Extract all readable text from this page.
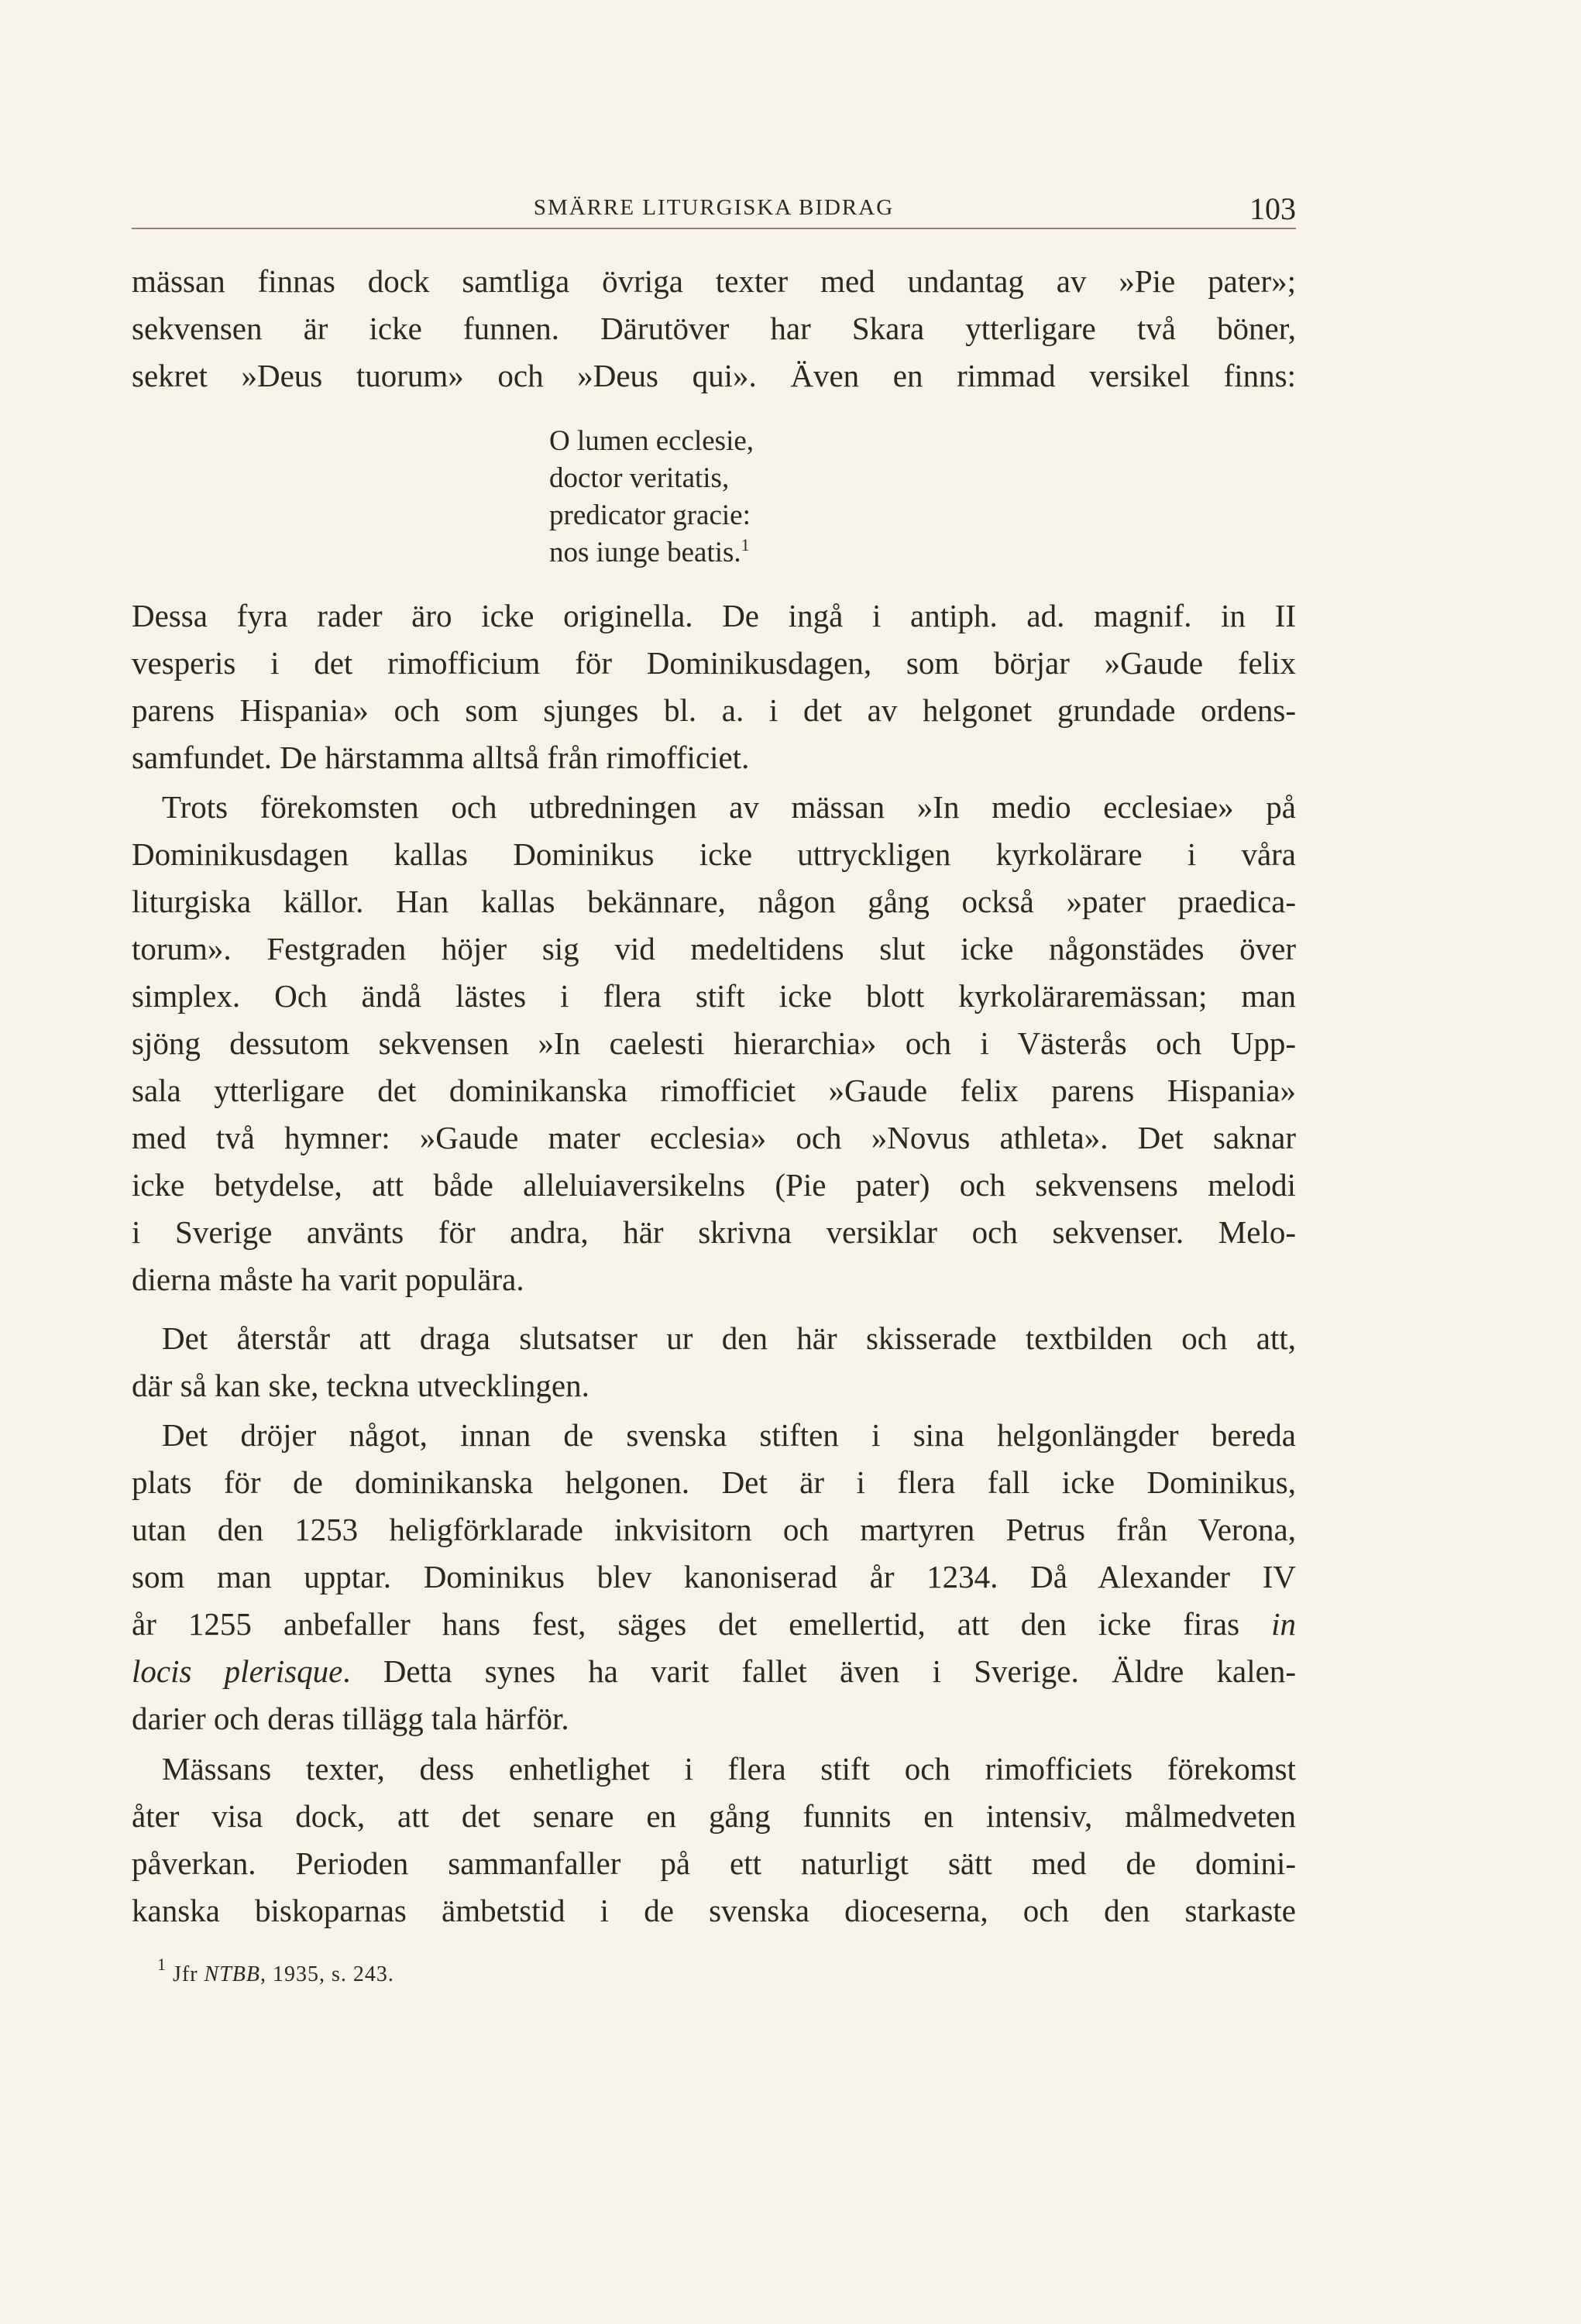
SMÄRRE LITURGISKA BIDRAG	103
mässan finnas dock samtliga övriga texter med undantag av »Pie pater»;
sekvensen är icke funnen. Därutöver har Skara ytterligare två böner,
sekret »Deus tuorum» och »Deus qui». Även en rimmad versikel finns:
O lumen ecclesie,
doctor veritatis,
predicator gracie:
nos iunge beatis.$^1$
Dessa fyra rader äro icke originella. De ingå i antiph. ad. magnif. in II
vesperis i det rimofficium för Dominikusdagen, som börjar »Gaude felix
parens Hispania» och som sjunges bl. a. i det av helgonet grundade ordens-
samfundet. De härstamma alltså från rimofficiet.
Trots förekomsten och utbredningen av mässan »In medio ecclesiae» på
Dominikusdagen kallas Dominikus icke uttryckligen kyrkolärare i våra
liturgiska källor. Han kallas bekännare, någon gång också »pater praedica-
torum». Festgraden höjer sig vid medeltidens slut icke någonstädes över
simplex. Och ändå lästes i flera stift icke blott kyrkoläraremässan; man
sjöng dessutom sekvensen »In caelesti hierarchia» och i Västerås och Upp-
sala ytterligare det dominikanska rimofficiet »Gaude felix parens Hispania»
med två hymner: »Gaude mater ecclesia» och »Novus athleta». Det saknar
icke betydelse, att både alleluiaversikelns (Pie pater) och sekvensens melodi
i Sverige använts för andra, här skrivna versiklar och sekvenser. Melo-
dierna måste ha varit populära.
Det återstår att draga slutsatser ur den här skisserade textbilden och att,
där så kan ske, teckna utvecklingen.
Det dröjer något, innan de svenska stiften i sina helgonlängder bereda
plats för de dominikanska helgonen. Det är i flera fall icke Dominikus,
utan den 1253 heligförklarade inkvisitorn och martyren Petrus från Verona,
som man upptar. Dominikus blev kanoniserad år 1234. Då Alexander IV
år 1255 anbefaller hans fest, säges det emellertid, att den icke firas in
locis plerisque. Detta synes ha varit fallet även i Sverige. Äldre kalen-
darier och deras tillägg tala härför.
Mässans texter, dess enhetlighet i flera stift och rimofficiets förekomst
åter visa dock, att det senare en gång funnits en intensiv, målmedveten
påverkan. Perioden sammanfaller på ett naturligt sätt med de domini-
kanska biskoparnas ämbetstid i de svenska dioceserna, och den starkaste
$^1$ Jfr NTBB, 1935, s. 243.
